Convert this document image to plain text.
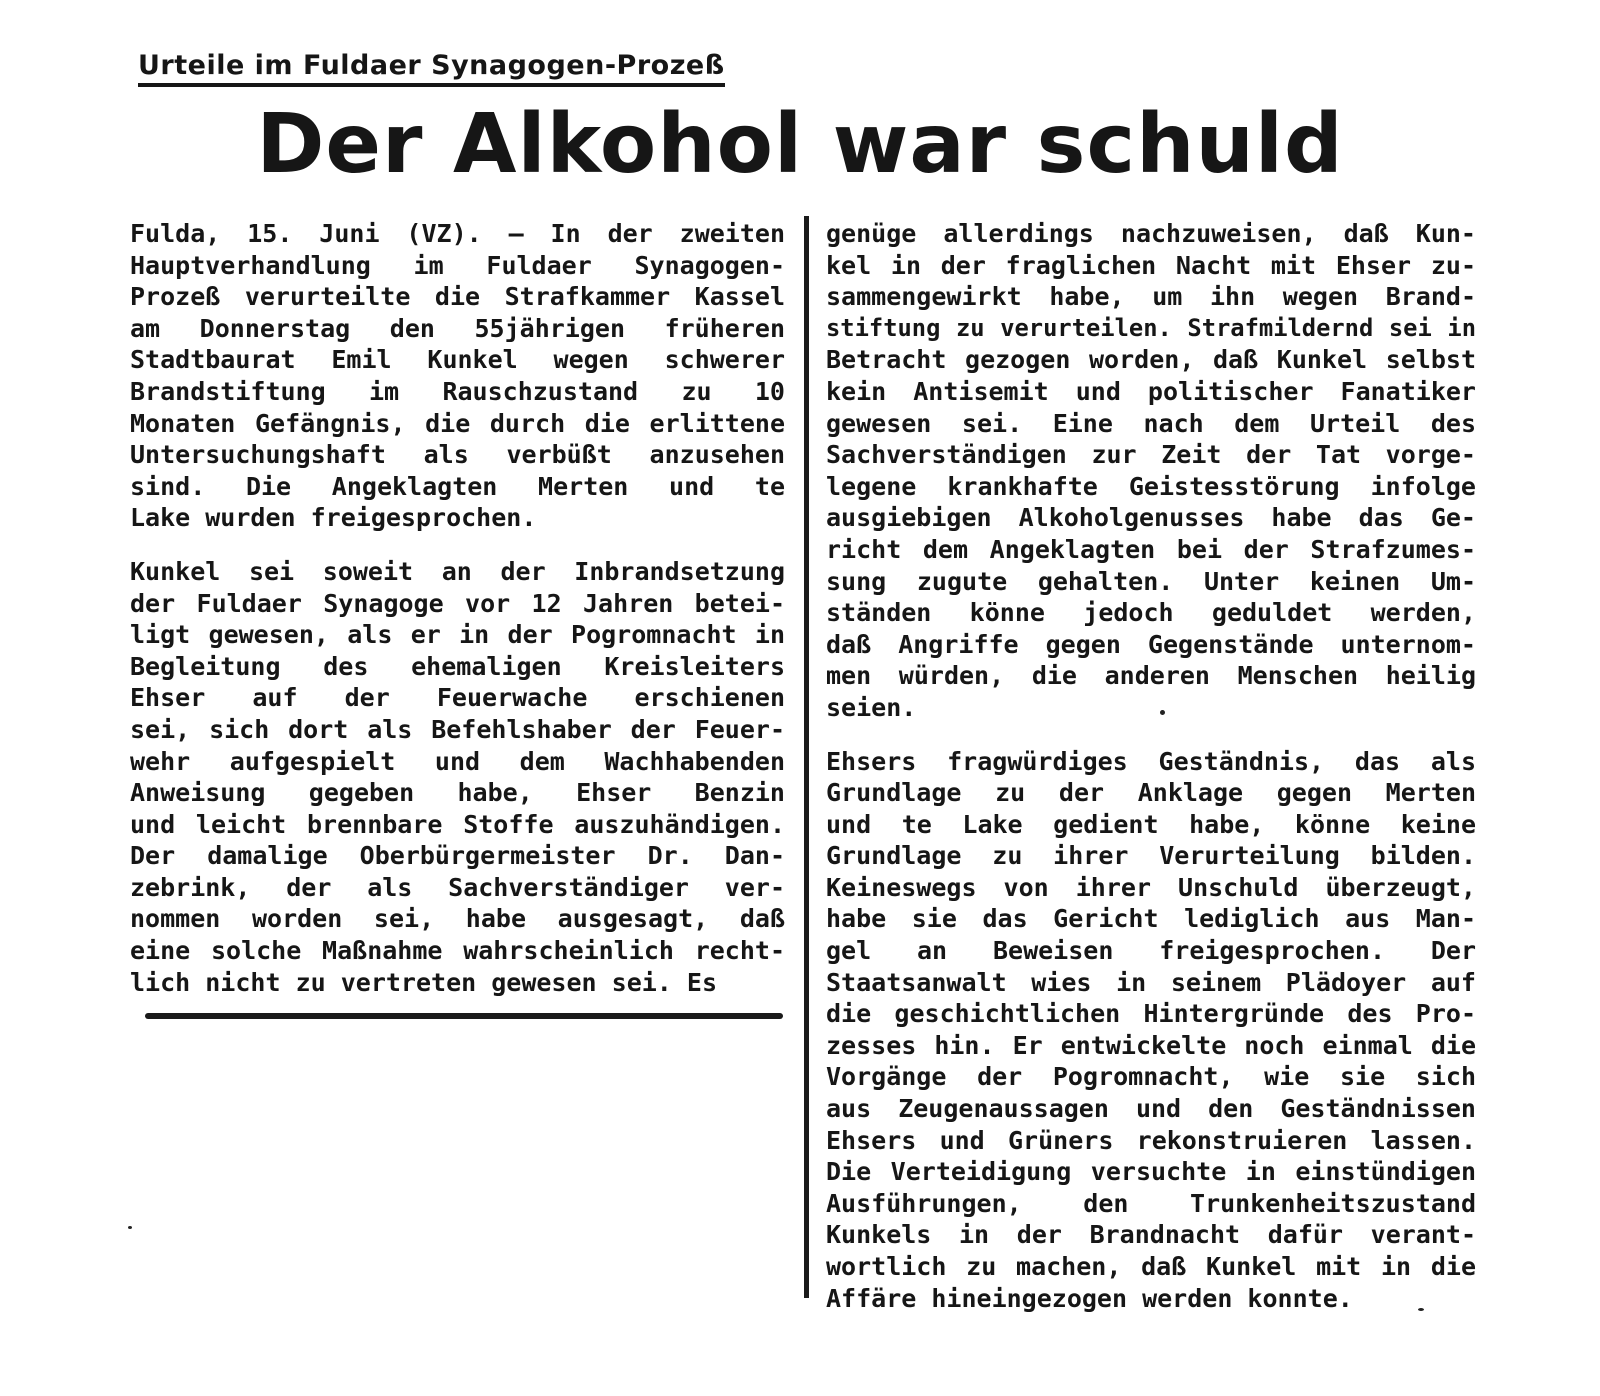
Urteile im Fuldaer Synagogen-Prozeß
Der Alkohol war schuld
Fulda, 15. Juni (VZ). — In der zweiten
Hauptverhandlung im Fuldaer Synagogen-
Prozeß verurteilte die Strafkammer Kassel
am Donnerstag den 55jährigen früheren
Stadtbaurat Emil Kunkel wegen schwerer
Brandstiftung im Rauschzustand zu 10
Monaten Gefängnis, die durch die erlittene
Untersuchungshaft als verbüßt anzusehen
sind. Die Angeklagten Merten und te
Lake wurden freigesprochen.
Kunkel sei soweit an der Inbrandsetzung
der Fuldaer Synagoge vor 12 Jahren betei-
ligt gewesen, als er in der Pogromnacht in
Begleitung des ehemaligen Kreisleiters
Ehser auf der Feuerwache erschienen
sei, sich dort als Befehlshaber der Feuer-
wehr aufgespielt und dem Wachhabenden
Anweisung gegeben habe, Ehser Benzin
und leicht brennbare Stoffe auszuhändigen.
Der damalige Oberbürgermeister Dr. Dan-
zebrink, der als Sachverständiger ver-
nommen worden sei, habe ausgesagt, daß
eine solche Maßnahme wahrscheinlich recht-
lich nicht zu vertreten gewesen sei. Es
genüge allerdings nachzuweisen, daß Kun-
kel in der fraglichen Nacht mit Ehser zu-
sammengewirkt habe, um ihn wegen Brand-
stiftung zu verurteilen. Strafmildernd sei in
Betracht gezogen worden, daß Kunkel selbst
kein Antisemit und politischer Fanatiker
gewesen sei. Eine nach dem Urteil des
Sachverständigen zur Zeit der Tat vorge-
legene krankhafte Geistesstörung infolge
ausgiebigen Alkoholgenusses habe das Ge-
richt dem Angeklagten bei der Strafzumes-
sung zugute gehalten. Unter keinen Um-
ständen könne jedoch geduldet werden,
daß Angriffe gegen Gegenstände unternom-
men würden, die anderen Menschen heilig
seien.
Ehsers fragwürdiges Geständnis, das als
Grundlage zu der Anklage gegen Merten
und te Lake gedient habe, könne keine
Grundlage zu ihrer Verurteilung bilden.
Keineswegs von ihrer Unschuld überzeugt,
habe sie das Gericht lediglich aus Man-
gel an Beweisen freigesprochen. Der
Staatsanwalt wies in seinem Plädoyer auf
die geschichtlichen Hintergründe des Pro-
zesses hin. Er entwickelte noch einmal die
Vorgänge der Pogromnacht, wie sie sich
aus Zeugenaussagen und den Geständnissen
Ehsers und Grüners rekonstruieren lassen.
Die Verteidigung versuchte in einstündigen
Ausführungen, den Trunkenheitszustand
Kunkels in der Brandnacht dafür verant-
wortlich zu machen, daß Kunkel mit in die
Affäre hineingezogen werden konnte.
